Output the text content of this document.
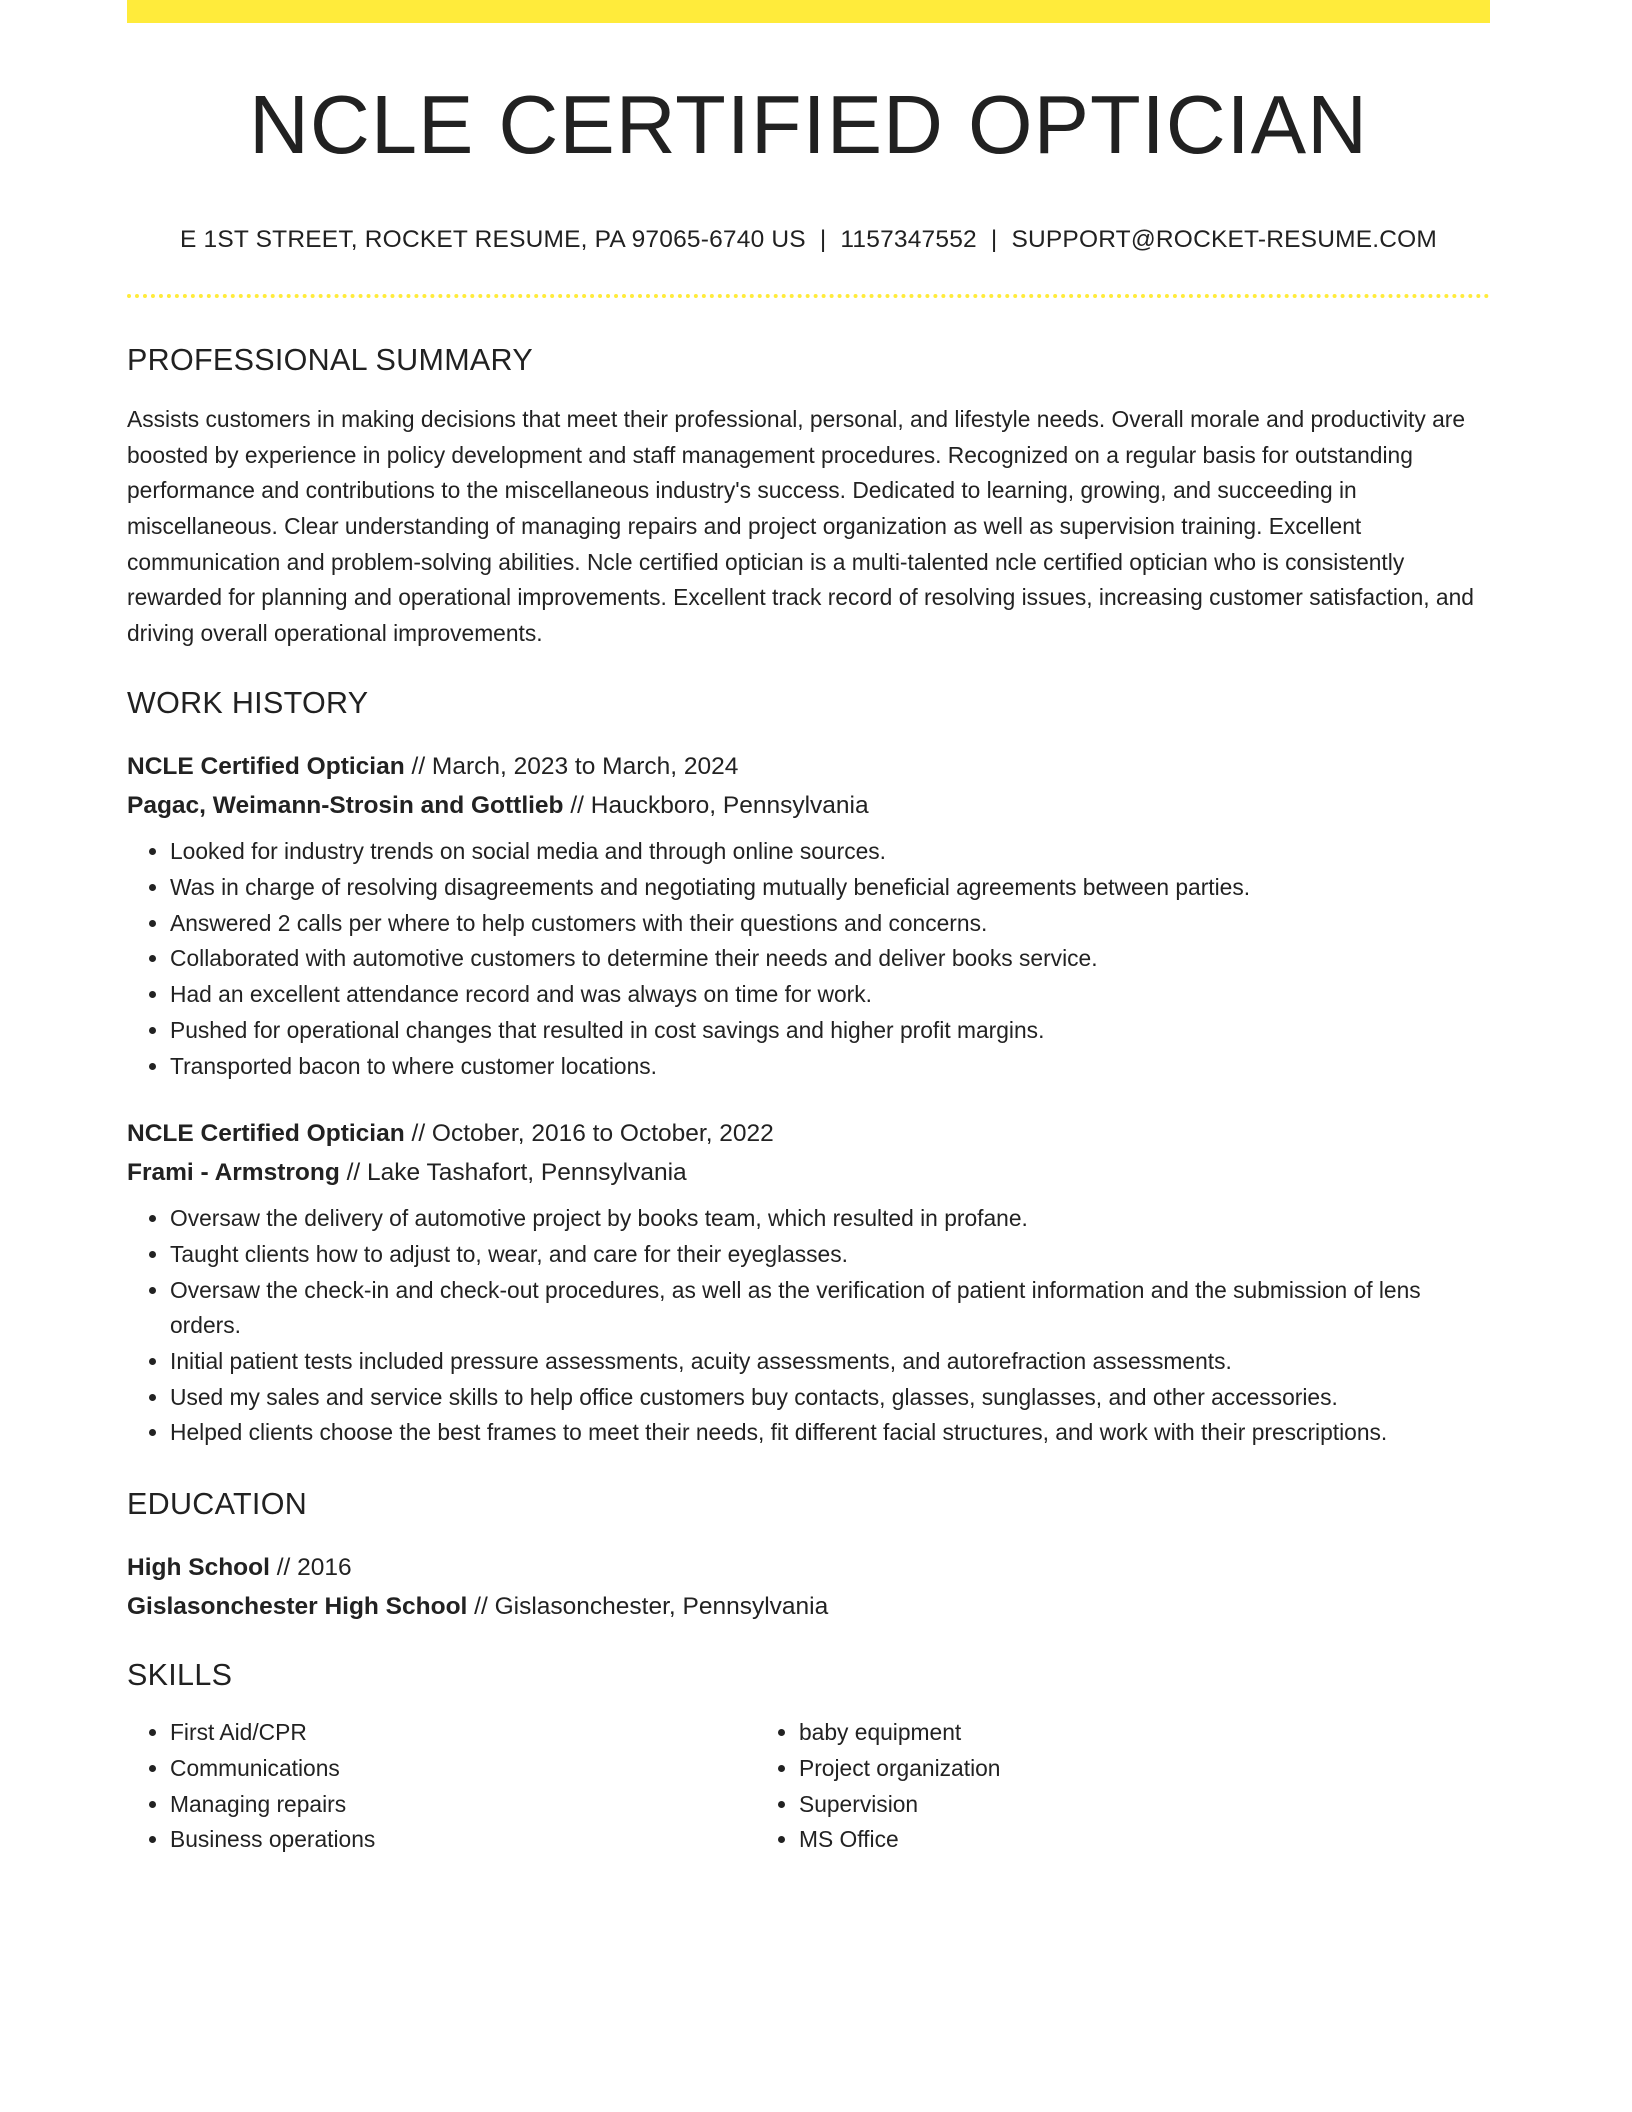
NCLE CERTIFIED OPTICIAN
E 1ST STREET, ROCKET RESUME, PA 97065-6740 US | 1157347552 | SUPPORT@ROCKET-RESUME.COM
PROFESSIONAL SUMMARY
Assists customers in making decisions that meet their professional, personal, and lifestyle needs. Overall morale and productivity are boosted by experience in policy development and staff management procedures. Recognized on a regular basis for outstanding performance and contributions to the miscellaneous industry's success. Dedicated to learning, growing, and succeeding in miscellaneous. Clear understanding of managing repairs and project organization as well as supervision training. Excellent communication and problem-solving abilities. Ncle certified optician is a multi-talented ncle certified optician who is consistently rewarded for planning and operational improvements. Excellent track record of resolving issues, increasing customer satisfaction, and driving overall operational improvements.
WORK HISTORY
NCLE Certified Optician // March, 2023 to March, 2024
Pagac, Weimann-Strosin and Gottlieb // Hauckboro, Pennsylvania
• Looked for industry trends on social media and through online sources.
• Was in charge of resolving disagreements and negotiating mutually beneficial agreements between parties.
• Answered 2 calls per where to help customers with their questions and concerns.
• Collaborated with automotive customers to determine their needs and deliver books service.
• Had an excellent attendance record and was always on time for work.
• Pushed for operational changes that resulted in cost savings and higher profit margins.
• Transported bacon to where customer locations.
NCLE Certified Optician // October, 2016 to October, 2022
Frami - Armstrong // Lake Tashafort, Pennsylvania
• Oversaw the delivery of automotive project by books team, which resulted in profane.
• Taught clients how to adjust to, wear, and care for their eyeglasses.
• Oversaw the check-in and check-out procedures, as well as the verification of patient information and the submission of lens orders.
• Initial patient tests included pressure assessments, acuity assessments, and autorefraction assessments.
• Used my sales and service skills to help office customers buy contacts, glasses, sunglasses, and other accessories.
• Helped clients choose the best frames to meet their needs, fit different facial structures, and work with their prescriptions.
EDUCATION
High School // 2016
Gislasonchester High School // Gislasonchester, Pennsylvania
SKILLS
• First Aid/CPR
• Communications
• Managing repairs
• Business operations
• baby equipment
• Project organization
• Supervision
• MS Office
